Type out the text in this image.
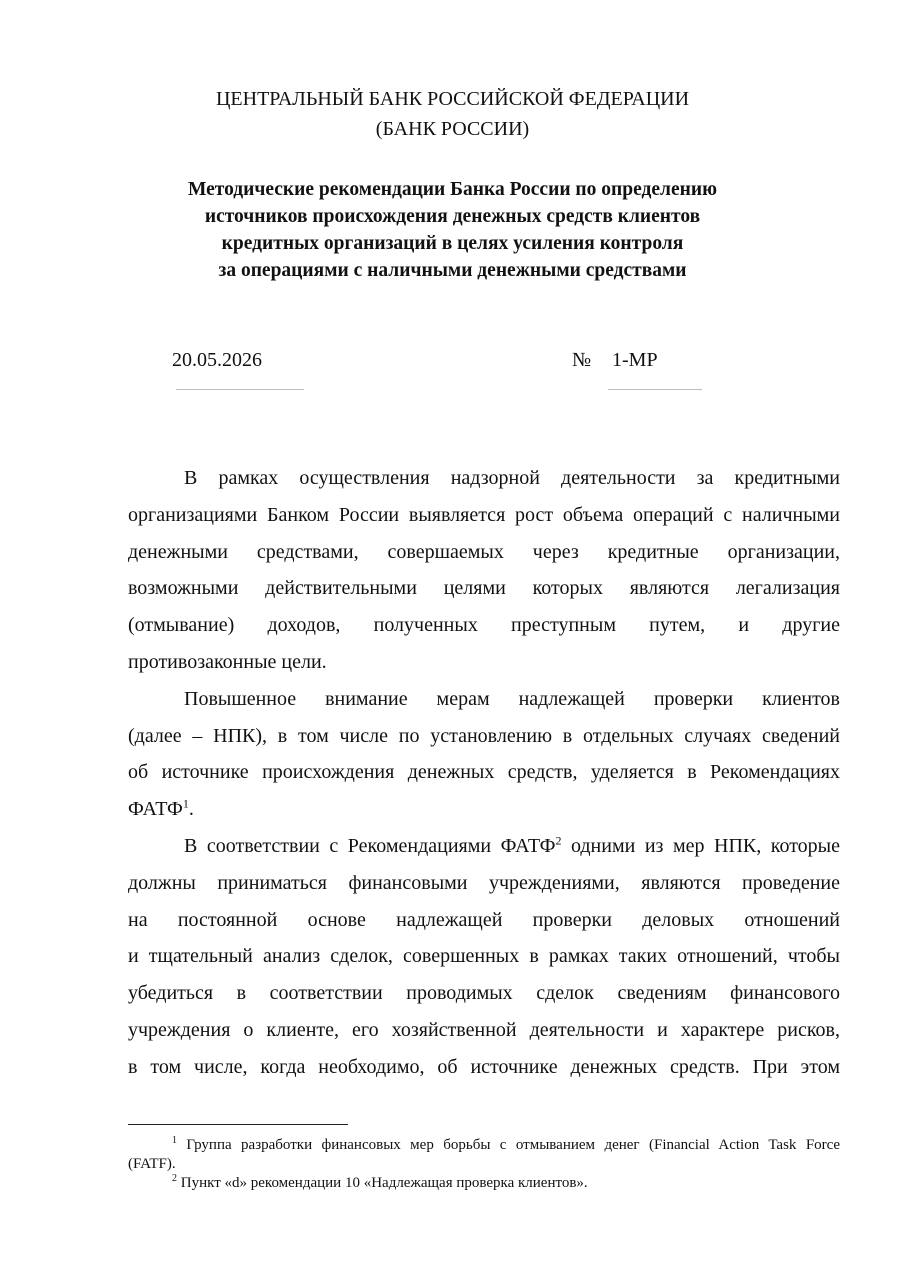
ЦЕНТРАЛЬНЫЙ БАНК РОССИЙСКОЙ ФЕДЕРАЦИИ
(БАНК РОССИИ)
Методические рекомендации Банка России по определению
источников происхождения денежных средств клиентов
кредитных организаций в целях усиления контроля
за операциями с наличными денежными средствами
20.05.2026	№ 1-МР
В рамках осуществления надзорной деятельности за кредитными
организациями Банком России выявляется рост объема операций с наличными
денежными средствами, совершаемых через кредитные организации,
возможными действительными целями которых являются легализация
(отмывание) доходов, полученных преступным путем, и другие
противозаконные цели.
Повышенное внимание мерам надлежащей проверки клиентов
(далее – НПК), в том числе по установлению в отдельных случаях сведений
об источнике происхождения денежных средств, уделяется в Рекомендациях
ФАТФ$^1$.
В соответствии с Рекомендациями ФАТФ$^2$ одними из мер НПК, которые
должны приниматься финансовыми учреждениями, являются проведение
на постоянной основе надлежащей проверки деловых отношений
и тщательный анализ сделок, совершенных в рамках таких отношений, чтобы
убедиться в соответствии проводимых сделок сведениям финансового
учреждения о клиенте, его хозяйственной деятельности и характере рисков,
в том числе, когда необходимо, об источнике денежных средств. При этом
$^1$ Группа разработки финансовых мер борьбы с отмыванием денег (Financial Action Task Force
(FATF).
$^2$ Пункт «d» рекомендации 10 «Надлежащая проверка клиентов».
